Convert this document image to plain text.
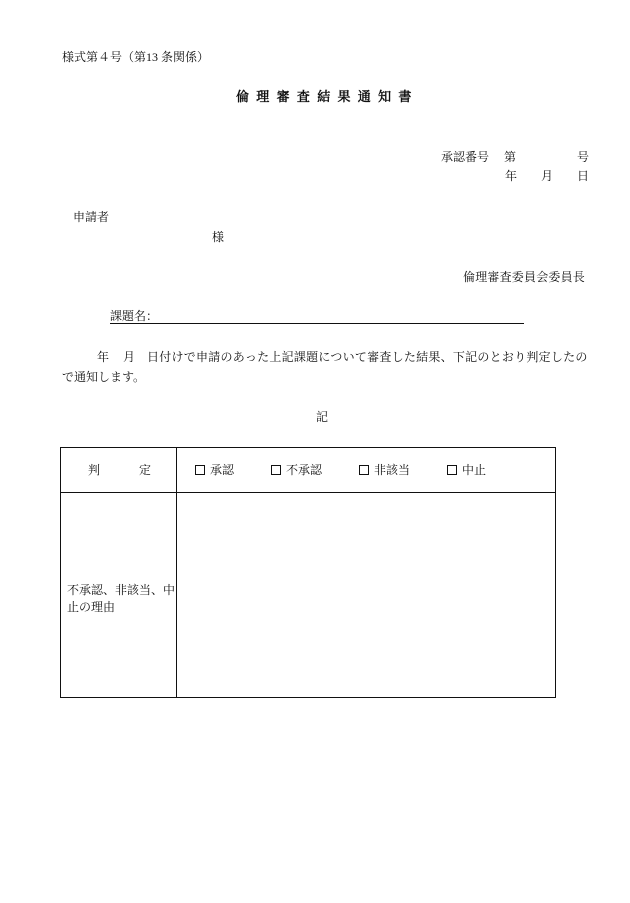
様式第４号（第13 条関係）
倫理審査結果通知書
承認番号 第	号
年 月 日
申請者
様
倫理審査委員会委員長
課題名：
年 月 日付けで申請のあった上記課題について審査した結果、下記のとおり判定したの
で通知します。
記
判　　定	承認	不承認	非該当	中止
不承認、非該当、中止の理由
